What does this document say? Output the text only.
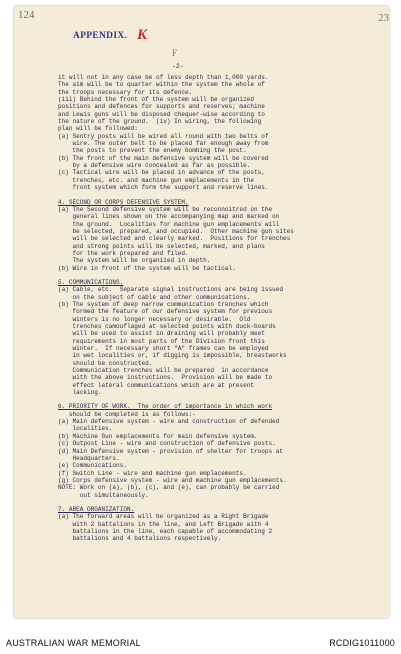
124	23
APPENDIX. K
F
-2-
it will not in any case be of less depth than 1,000 yards.
The aim will be to quarter within the system the whole of
the troops necessary for its defence.
(iii) Behind the front of the system will be organized
positions and defences for supports and reserves; machine
and Lewis guns will be disposed chequer-wise according to
the nature of the ground.  (iv) In wiring, the following
plan will be followed:
(a) Sentry posts will be wired all round with two belts of
wire. The outer belt to be placed far enough away from
the posts to prevent the enemy bombing the post.
(b) The front of the main defensive system will be covered
by a defensive wire concealed as far as possible.
(c) Tactical wire will be placed in advance of the posts,
trenches, etc. and machine gun emplacements in the
front system which form the support and reserve lines.
4. SECOND OR CORPS DEFENSIVE SYSTEM.
(a) The Second defensive system will be reconnoitred on the
general lines shown on the accompanying map and marked on
the ground.  Localities for machine gun emplacements will
be selected, prepared, and occupied.  Other machine gun sites
will be selected and clearly marked.  Positions for trenches
and strong points will be selected, marked, and plans
for the work prepared and filed.
The system will be organized in depth.
(b) Wire in front of the system will be tactical.
5. COMMUNICATIONS.
(a) Cable, etc.  Separate signal instructions are being issued
on the subject of cable and other communications.
(b) The system of deep narrow communication trenches which
formed the feature of our defensive system for previous
winters is no longer necessary or desirable.  Old
trenches camouflaged at selected points with duck-boards
will be used to assist in draining will probably meet
requirements in most parts of the Division front this
winter.  If necessary short "A" frames can be employed
in wet localities or, if digging is impossible, breastworks
should be constructed.
Communication trenches will be prepared  in accordance
with the above instructions.  Provision will be made to
effect lateral communications which are at present
lacking.
6. PRIORITY OF WORK.  The order of importance in which work
should be completed is as follows:-
(a) Main defensive system - wire and construction of defended
localities.
(b) Machine Gun emplacements for main defensive system.
(c) Outpost Line - wire and construction of defensive posts.
(d) Main Defensive system - provision of shelter for troops at
Headquarters.
(e) Communications.
(f) Switch Line - wire and machine gun emplacements.
(g) Corps defensive system - wire and machine gun emplacements.
NOTE: Work on (a), (b), (c), and (e), can probably be carried
out simultaneously.
7. AREA ORGANIZATION.
(a) The forward areas will be organized as a Right Brigade
with 2 battalions in the line, and Left Brigade with 4
battalions in the line, each capable of accommodating 2
battalions and 4 battalions respectively.
AUSTRALIAN WAR MEMORIAL	RCDIG1011000
